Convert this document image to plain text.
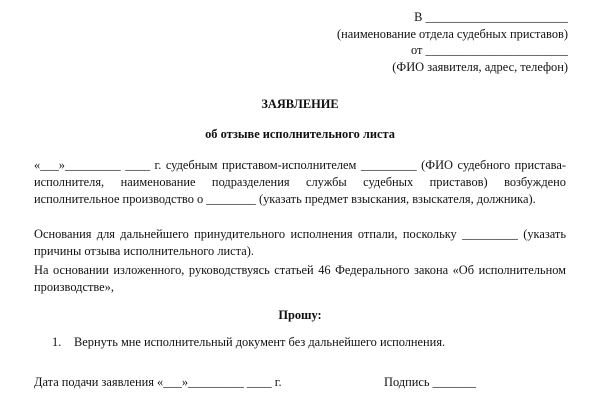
В _______________________
(наименование отдела судебных приставов)
от _______________________
(ФИО заявителя, адрес, телефон)
ЗАЯВЛЕНИЕ
об отзыве исполнительного листа
«___»_________ ____ г. судебным приставом-исполнителем _________ (ФИО судебного пристава-исполнителя, наименование подразделения службы судебных приставов) возбуждено исполнительное производство о ________ (указать предмет взыскания, взыскателя, должника).
Основания для дальнейшего принудительного исполнения отпали, поскольку _________ (указать причины отзыва исполнительного листа).
На основании изложенного, руководствуясь статьей 46 Федерального закона «Об исполнительном производстве»,
Прошу:
1. Вернуть мне исполнительный документ без дальнейшего исполнения.
Дата подачи заявления «___»_________ ____ г.	Подпись _______
